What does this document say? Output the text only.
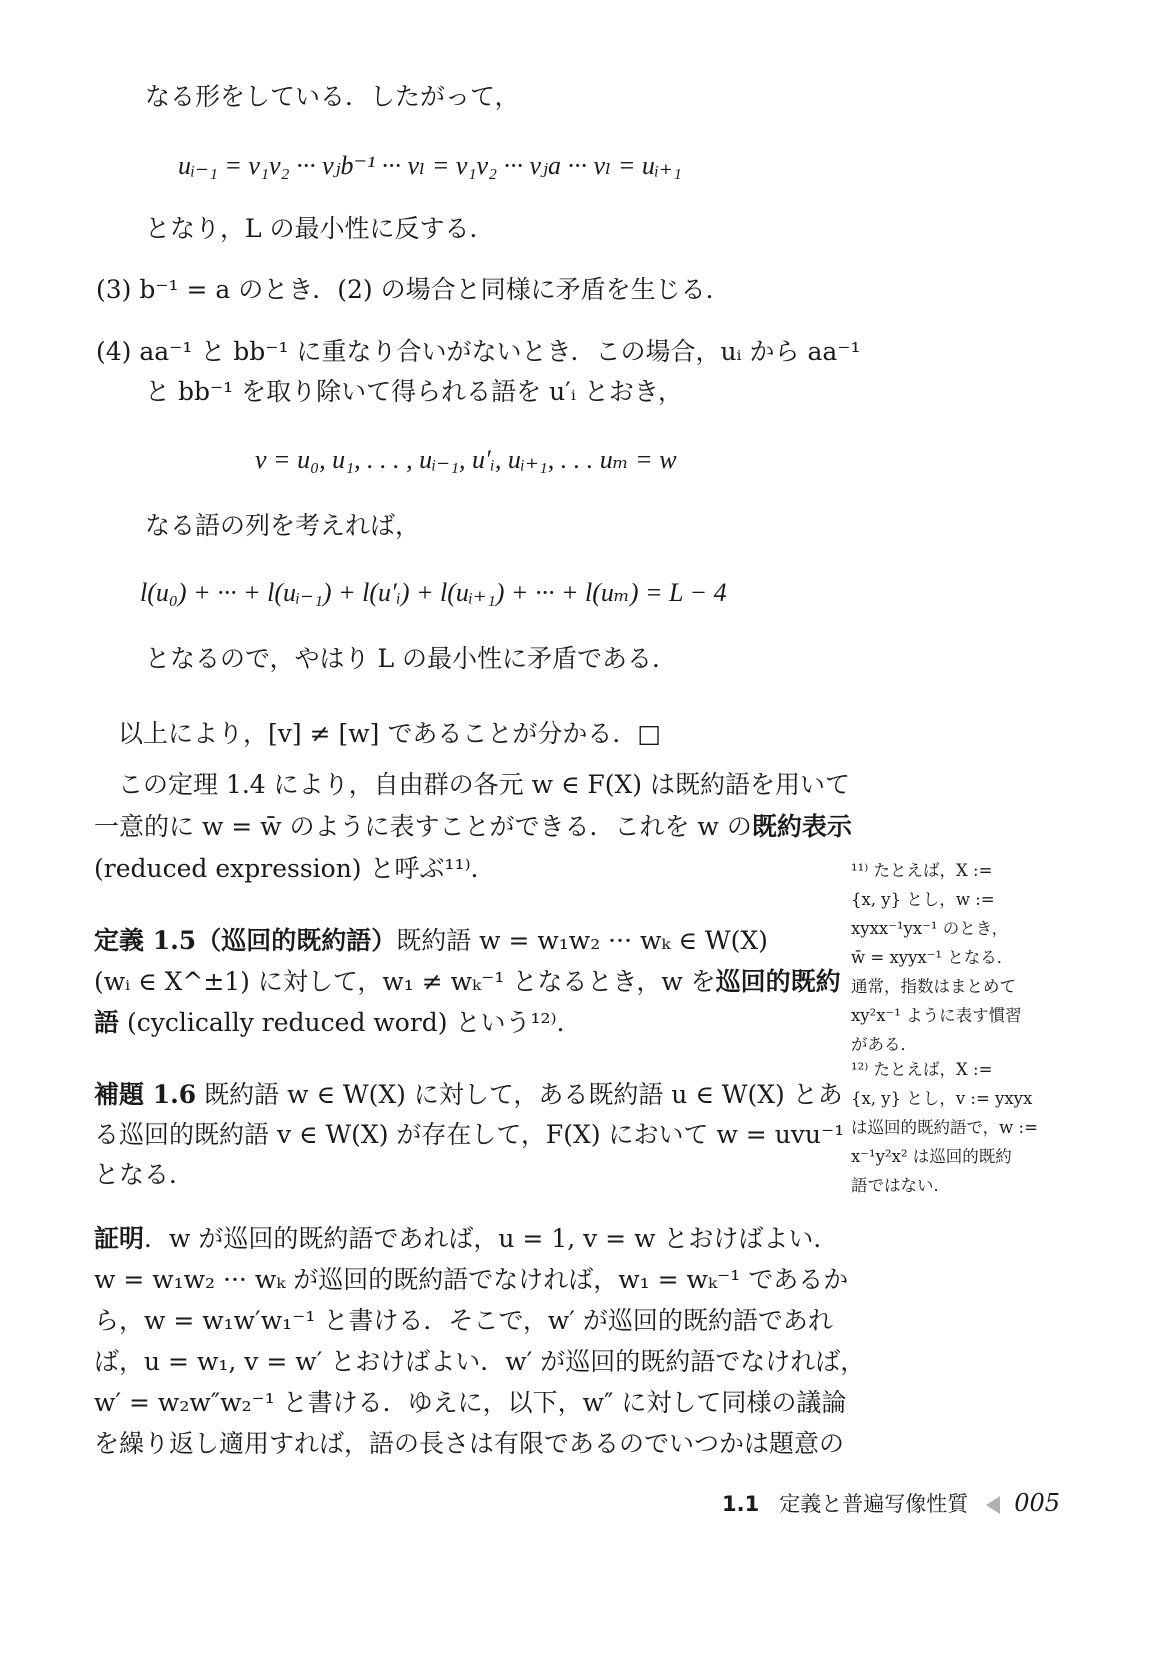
なる形をしている．したがって，
uᵢ₋₁ = v₁v₂ ··· vⱼb⁻¹ ··· vₗ = v₁v₂ ··· vⱼa ··· vₗ = uᵢ₊₁
となり，L の最小性に反する．
(3) b⁻¹ = a のとき．(2) の場合と同様に矛盾を生じる．
(4) aa⁻¹ と bb⁻¹ に重なり合いがないとき．この場合，uᵢ から aa⁻¹
と bb⁻¹ を取り除いて得られる語を u′ᵢ とおき，
v = u₀, u₁, . . . , uᵢ₋₁, u′ᵢ, uᵢ₊₁, . . . uₘ = w
なる語の列を考えれば，
l(u₀) + ··· + l(uᵢ₋₁) + l(u′ᵢ) + l(uᵢ₊₁) + ··· + l(uₘ) = L − 4
となるので，やはり L の最小性に矛盾である．
以上により，[v] ≠ [w] であることが分かる．□
この定理 1.4 により，自由群の各元 w ∈ F(X) は既約語を用いて
一意的に w = w̄ のように表すことができる．これを w の既約表示
(reduced expression) と呼ぶ¹¹⁾．
定義 1.5（巡回的既約語）既約語 w = w₁w₂ ··· wₖ ∈ W(X)
(wᵢ ∈ X^±1) に対して，w₁ ≠ wₖ⁻¹ となるとき，w を巡回的既約
語 (cyclically reduced word) という¹²⁾．
補題 1.6 既約語 w ∈ W(X) に対して，ある既約語 u ∈ W(X) とあ
る巡回的既約語 v ∈ W(X) が存在して，F(X) において w = uvu⁻¹
となる．
証明．w が巡回的既約語であれば，u = 1, v = w とおけばよい．
w = w₁w₂ ··· wₖ が巡回的既約語でなければ，w₁ = wₖ⁻¹ であるか
ら，w = w₁w′w₁⁻¹ と書ける．そこで，w′ が巡回的既約語であれ
ば，u = w₁, v = w′ とおけばよい．w′ が巡回的既約語でなければ，
w′ = w₂w″w₂⁻¹ と書ける．ゆえに，以下，w″ に対して同様の議論
を繰り返し適用すれば，語の長さは有限であるのでいつかは題意の
¹¹⁾ たとえば，X :=
{x, y} とし，w :=
xyxx⁻¹yx⁻¹ のとき，
w̄ = xyyx⁻¹ となる．
通常，指数はまとめて
xy²x⁻¹ ように表す慣習
がある．
¹²⁾ たとえば，X :=
{x, y} とし，v := yxyx
は巡回的既約語で，w :=
x⁻¹y²x² は巡回的既約
語ではない．
1.1 定義と普遍写像性質 005
